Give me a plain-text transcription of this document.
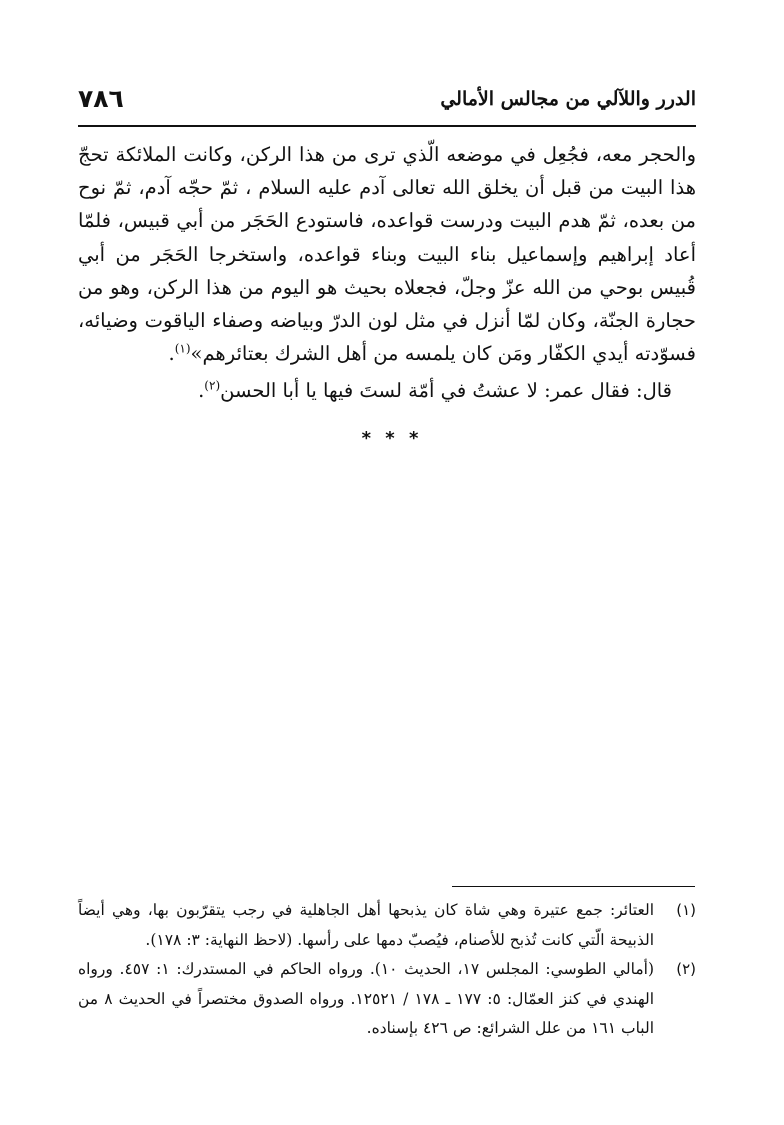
٧٨٦	الدرر واللآلي من مجالس الأمالي

والحجر معه، فجُعِل في موضعه الّذي ترى من هذا الركن، وكانت الملائكة تحجّ هذا البيت من قبل أن يخلق الله تعالى آدم عليه السلام ، ثمّ حجّه آدم، ثمّ نوح من بعده، ثمّ هدم البيت ودرست قواعده، فاستودع الحَجَر من أبي قبيس، فلمّا أعاد إبراهيم وإسماعيل بناء البيت وبناء قواعده، واستخرجا الحَجَر من أبي قُبيس بوحي من الله عزّ وجلّ، فجعلاه بحيث هو اليوم من هذا الركن، وهو من حجارة الجنّة، وكان لمّا أنزل في مثل لون الدرّ وبياضه وصفاء الياقوت وضيائه، فسوّدته أيدي الكفّار ومَن كان يلمسه من أهل الشرك بعتائرهم»$^{(١)}$.

قال: فقال عمر: لا عشتُ في أمّة لستَ فيها يا أبا الحسن$^{(٢)}$.

* * *
(١)
العتائر: جمع عتيرة وهي شاة كان يذبحها أهل الجاهلية في رجب يتقرّبون بها، وهي أيضاً الذبيحة الّتي كانت تُذبح للأصنام، فيُصبّ دمها على رأسها. (لاحظ النهاية: ٣: ١٧٨).
(٢)
(أمالي الطوسي: المجلس ١٧، الحديث ١٠). ورواه الحاكم في المستدرك: ١: ٤٥٧. ورواه الهندي في كنز العمّال: ٥: ١٧٧ ـ ١٧٨ / ١٢٥٢١. ورواه الصدوق مختصراً في الحديث ٨ من الباب ١٦١ من علل الشرائع: ص ٤٢٦ بإسناده.
